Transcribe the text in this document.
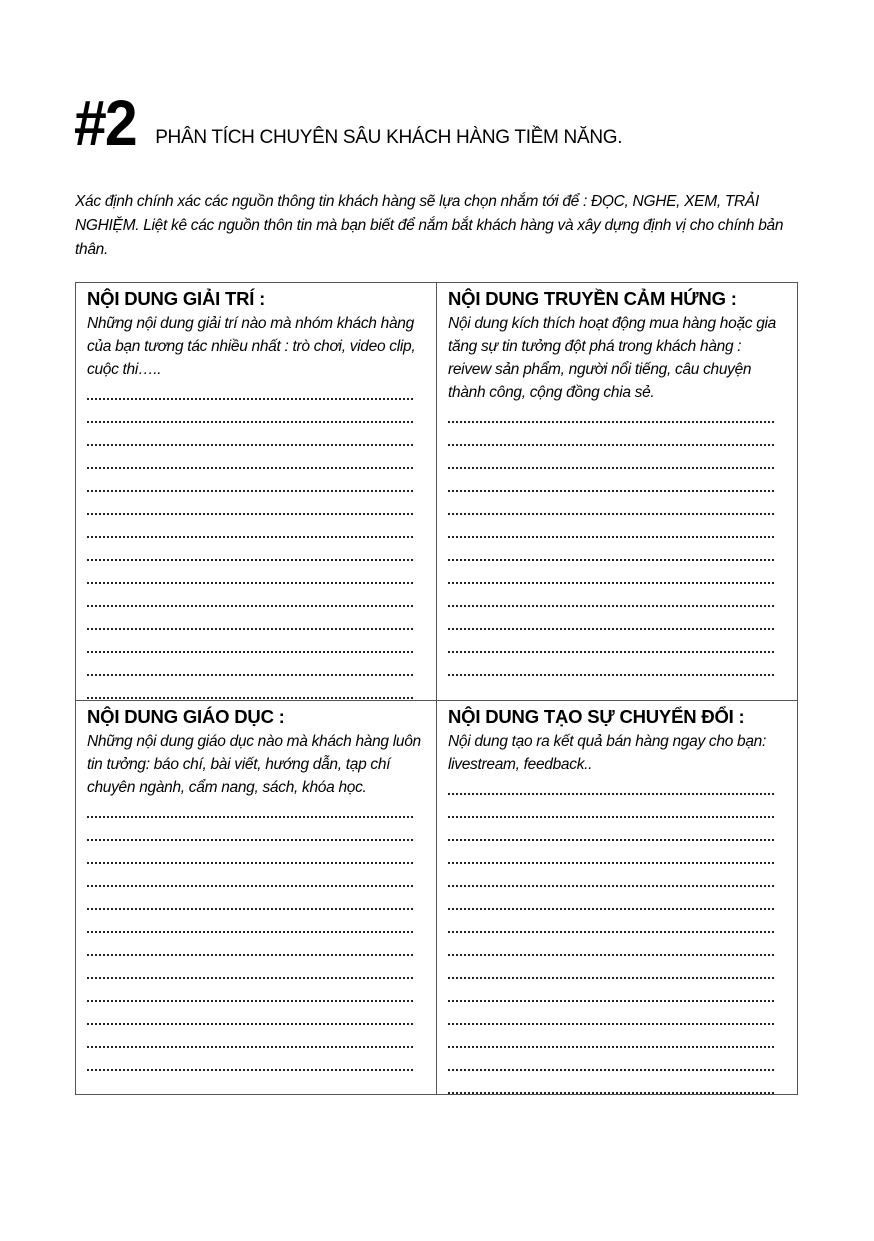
#2 PHÂN TÍCH CHUYÊN SÂU KHÁCH HÀNG TIỀM NĂNG.
Xác định chính xác các nguồn thông tin khách hàng sẽ lựa chọn nhắm tới để : ĐỌC, NGHE, XEM, TRẢI NGHIỆM. Liệt kê các nguồn thôn tin mà bạn biết để nắm bắt khách hàng và xây dựng định vị cho chính bản thân.
NỘI DUNG GIẢI TRÍ :
Những nội dung giải trí nào mà nhóm khách hàng của bạn tương tác nhiều nhất : trò chơi, video clip, cuộc thi…..
NỘI DUNG TRUYỀN CẢM HỨNG :
Nội dung kích thích hoạt động mua hàng hoặc gia tăng sự tin tưởng đột phá trong khách hàng : reivew sản phẩm, người nổi tiếng, câu chuyện thành công, cộng đồng chia sẻ.
NỘI DUNG GIÁO DỤC :
Những nội dung giáo dục nào mà khách hàng luôn tin tưởng: báo chí, bài viết, hướng dẫn, tạp chí chuyên ngành, cẩm nang, sách, khóa học.
NỘI DUNG TẠO SỰ CHUYỂN ĐỔI :
Nội dung tạo ra kết quả bán hàng ngay cho bạn: livestream, feedback..
